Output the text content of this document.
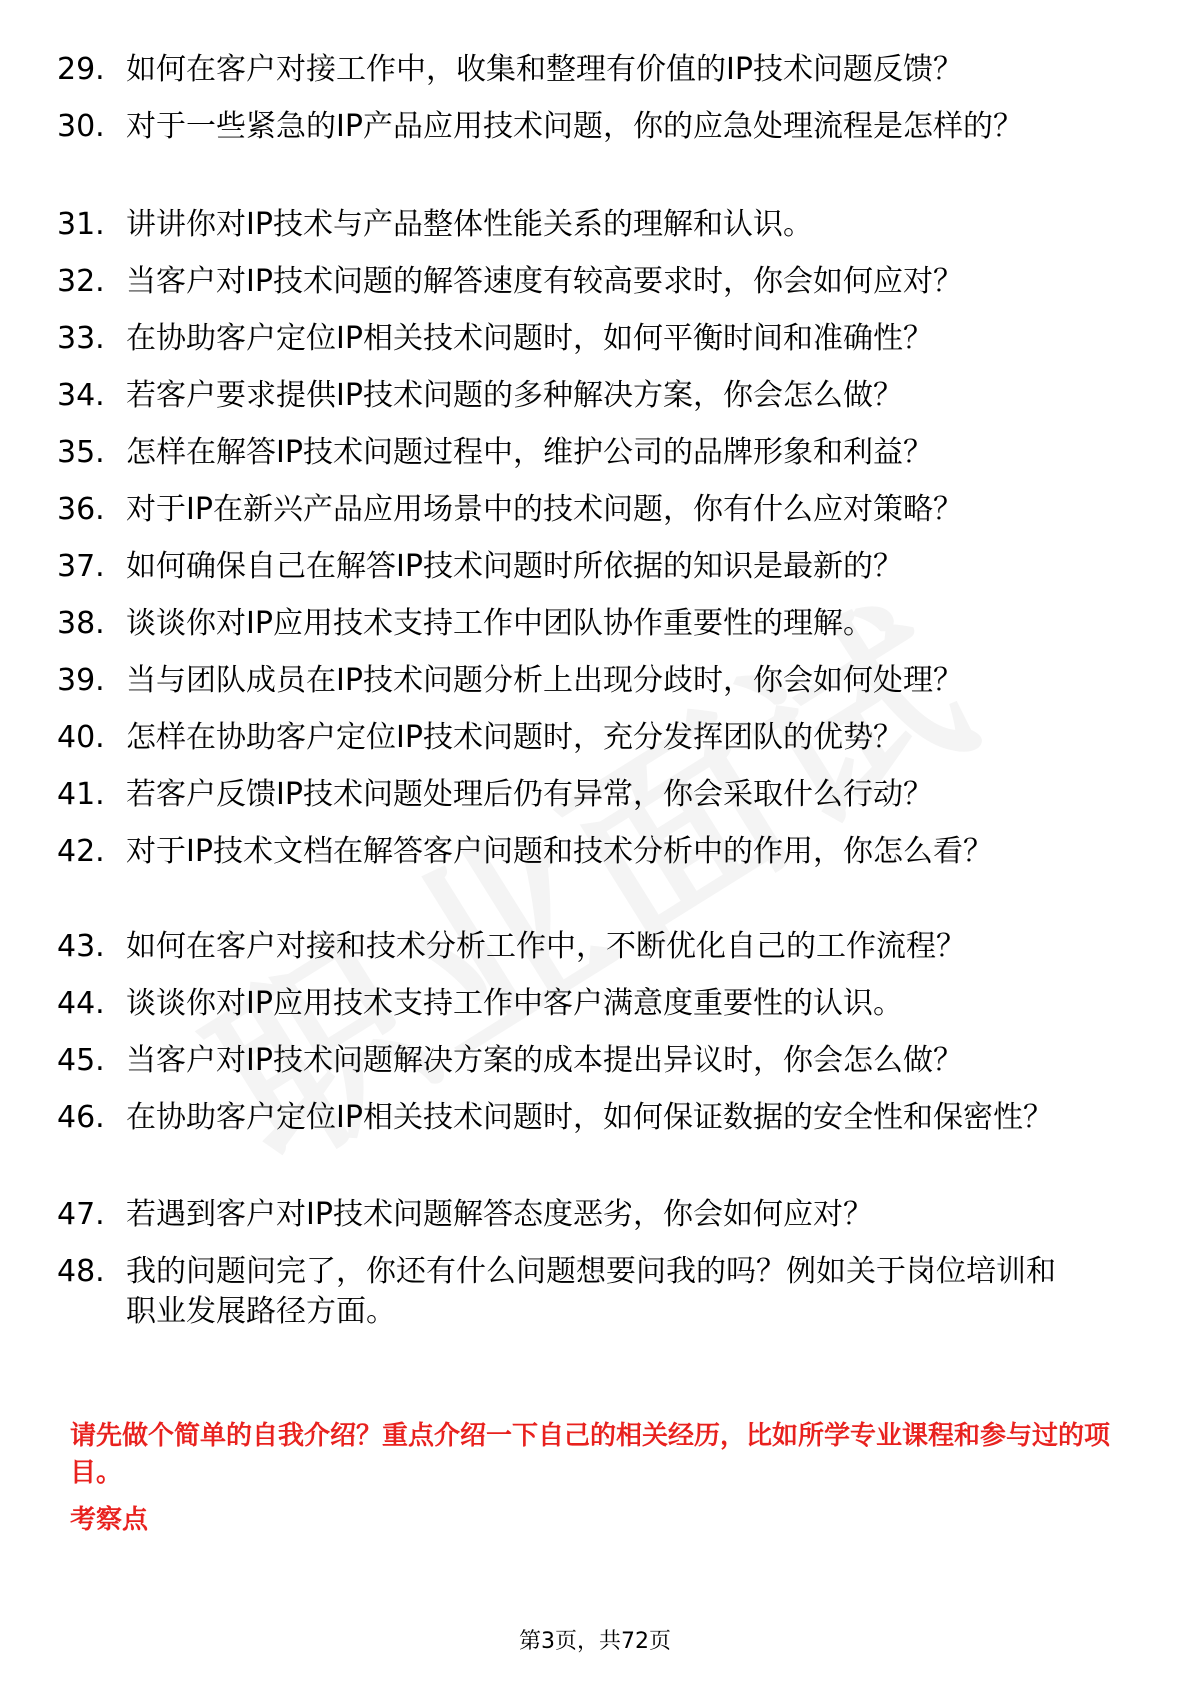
29. 如何在客户对接工作中，收集和整理有价值的IP技术问题反馈？
30. 对于一些紧急的IP产品应用技术问题，你的应急处理流程是怎样的？
31. 讲讲你对IP技术与产品整体性能关系的理解和认识。
32. 当客户对IP技术问题的解答速度有较高要求时，你会如何应对？
33. 在协助客户定位IP相关技术问题时，如何平衡时间和准确性？
34. 若客户要求提供IP技术问题的多种解决方案，你会怎么做？
35. 怎样在解答IP技术问题过程中，维护公司的品牌形象和利益？
36. 对于IP在新兴产品应用场景中的技术问题，你有什么应对策略？
37. 如何确保自己在解答IP技术问题时所依据的知识是最新的？
38. 谈谈你对IP应用技术支持工作中团队协作重要性的理解。
39. 当与团队成员在IP技术问题分析上出现分歧时，你会如何处理？
40. 怎样在协助客户定位IP技术问题时，充分发挥团队的优势？
41. 若客户反馈IP技术问题处理后仍有异常，你会采取什么行动？
42. 对于IP技术文档在解答客户问题和技术分析中的作用，你怎么看？
43. 如何在客户对接和技术分析工作中，不断优化自己的工作流程？
44. 谈谈你对IP应用技术支持工作中客户满意度重要性的认识。
45. 当客户对IP技术问题解决方案的成本提出异议时，你会怎么做？
46. 在协助客户定位IP相关技术问题时，如何保证数据的安全性和保密性？
47. 若遇到客户对IP技术问题解答态度恶劣，你会如何应对？
48. 我的问题问完了，你还有什么问题想要问我的吗？例如关于岗位培训和职业发展路径方面。

请先做个简单的自我介绍？重点介绍一下自己的相关经历，比如所学专业课程和参与过的项目。

考察点

第3页，共72页
